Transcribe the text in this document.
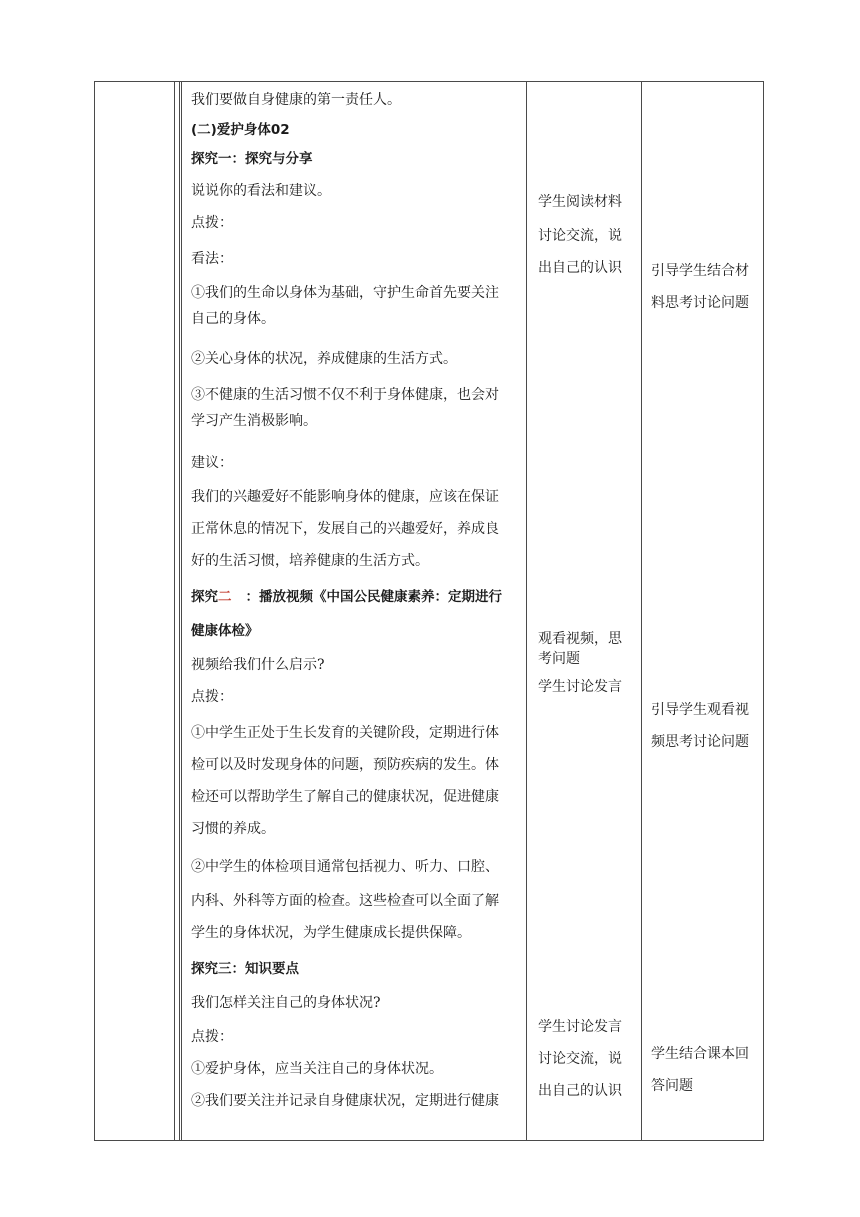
我们要做自身健康的第一责任人。
(二)爱护身体02
探究一：探究与分享
说说你的看法和建议。
点拨：
看法：
①我们的生命以身体为基础，守护生命首先要关注
自己的身体。
②关心身体的状况，养成健康的生活方式。
③不健康的生活习惯不仅不利于身体健康，也会对
学习产生消极影响。
建议：
我们的兴趣爱好不能影响身体的健康，应该在保证
正常休息的情况下，发展自己的兴趣爱好，养成良
好的生活习惯，培养健康的生活方式。
探究二 ：播放视频《中国公民健康素养：定期进行
健康体检》
视频给我们什么启示?
点拨：
①中学生正处于生长发育的关键阶段，定期进行体
检可以及时发现身体的问题，预防疾病的发生。体
检还可以帮助学生了解自己的健康状况，促进健康
习惯的养成。
②中学生的体检项目通常包括视力、听力、口腔、
内科、外科等方面的检查。这些检查可以全面了解
学生的身体状况，为学生健康成长提供保障。
探究三：知识要点
我们怎样关注自己的身体状况?
点拨：
①爱护身体，应当关注自己的身体状况。
②我们要关注并记录自身健康状况，定期进行健康
学生阅读材料
讨论交流，说
出自己的认识
观看视频，思
考问题
学生讨论发言
学生讨论发言
讨论交流，说
出自己的认识
引导学生结合材
料思考讨论问题
引导学生观看视
频思考讨论问题
学生结合课本回
答问题
